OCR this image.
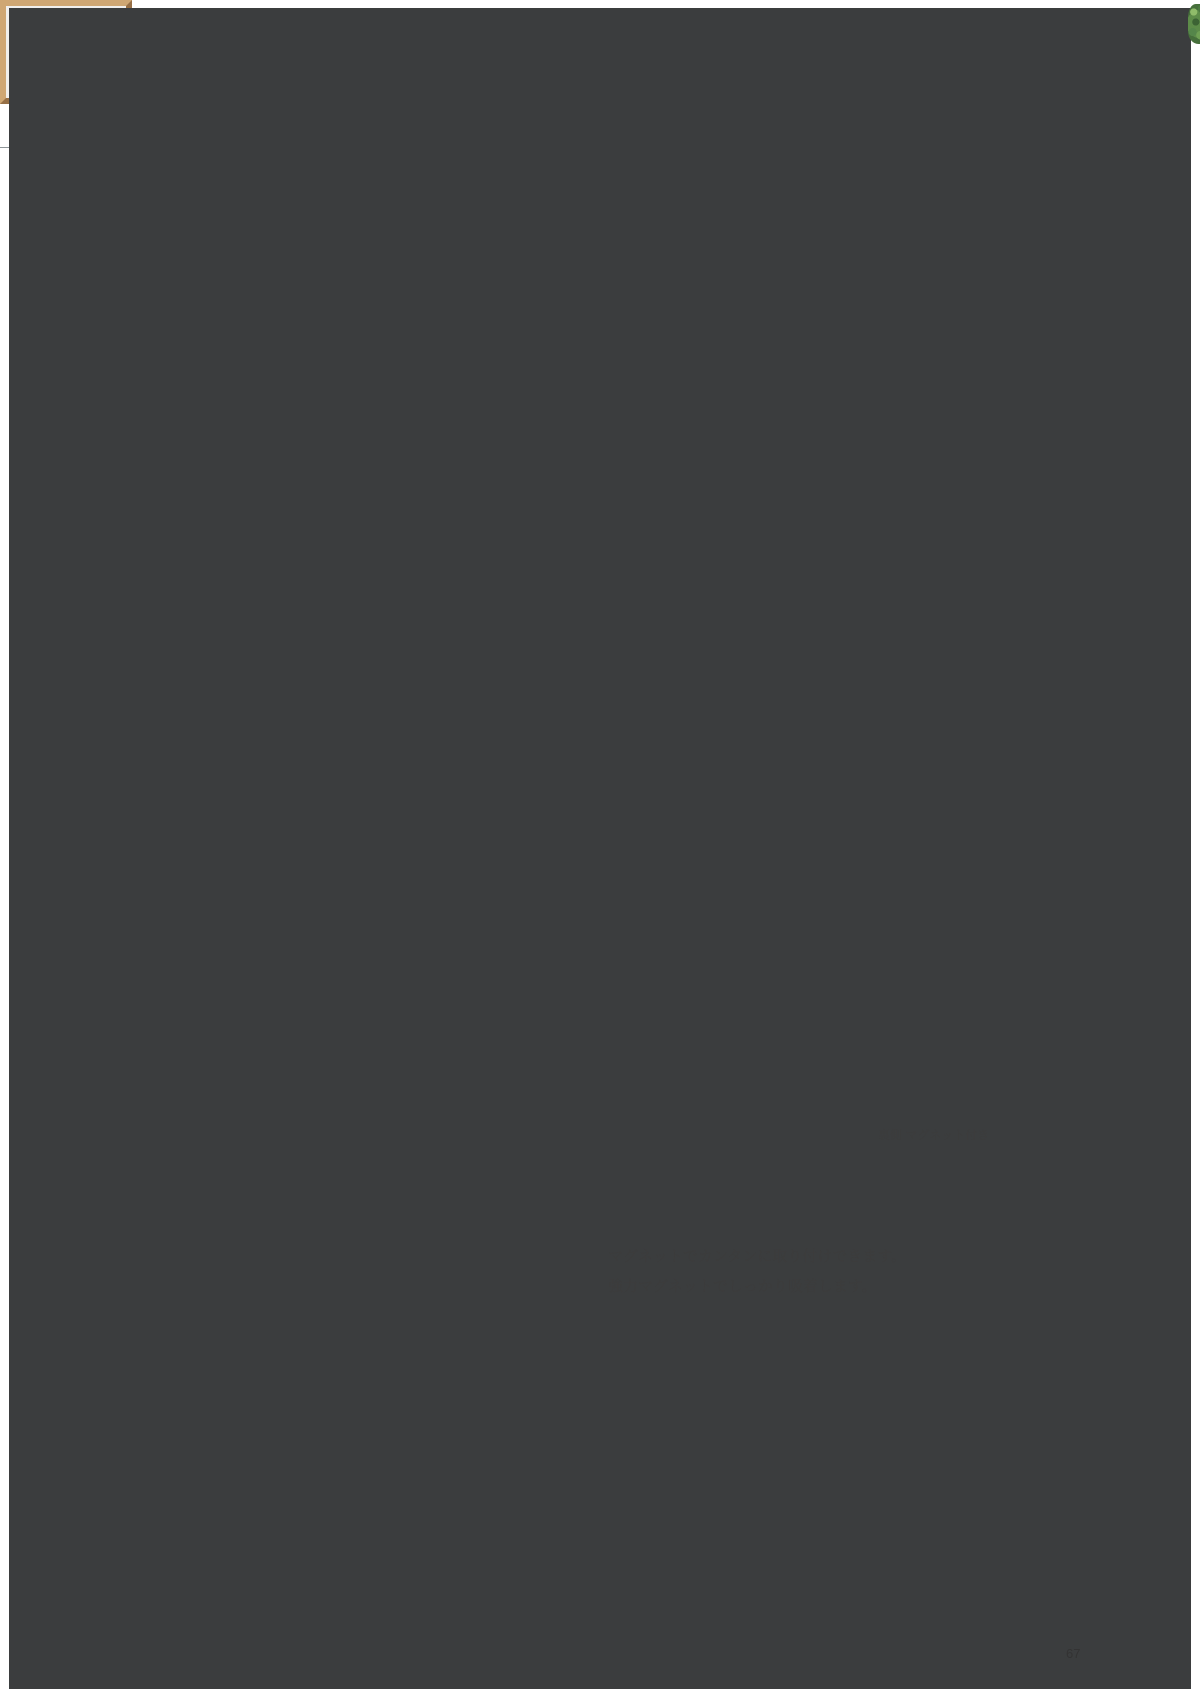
裏側 マグネット付き
マグネットでカンタンに取り付けできます。
強力マグネットでしっかり吸着します。
67
